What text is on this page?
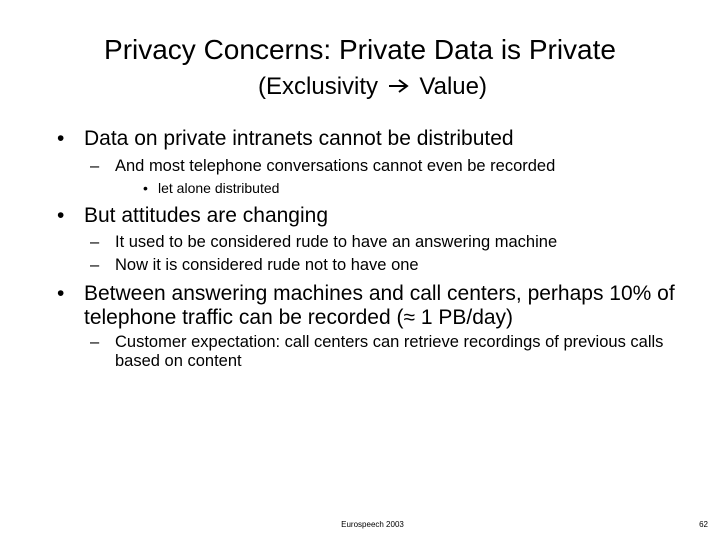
Privacy Concerns: Private Data is Private
(Exclusivity Value)
• Data on private intranets cannot be distributed
– And most telephone conversations cannot even be recorded
• let alone distributed
• But attitudes are changing
– It used to be considered rude to have an answering machine
– Now it is considered rude not to have one
• Between answering machines and call centers, perhaps 10% of telephone traffic can be recorded (≈ 1 PB/day)
– Customer expectation: call centers can retrieve recordings of previous calls based on content
Eurospeech 2003	62
